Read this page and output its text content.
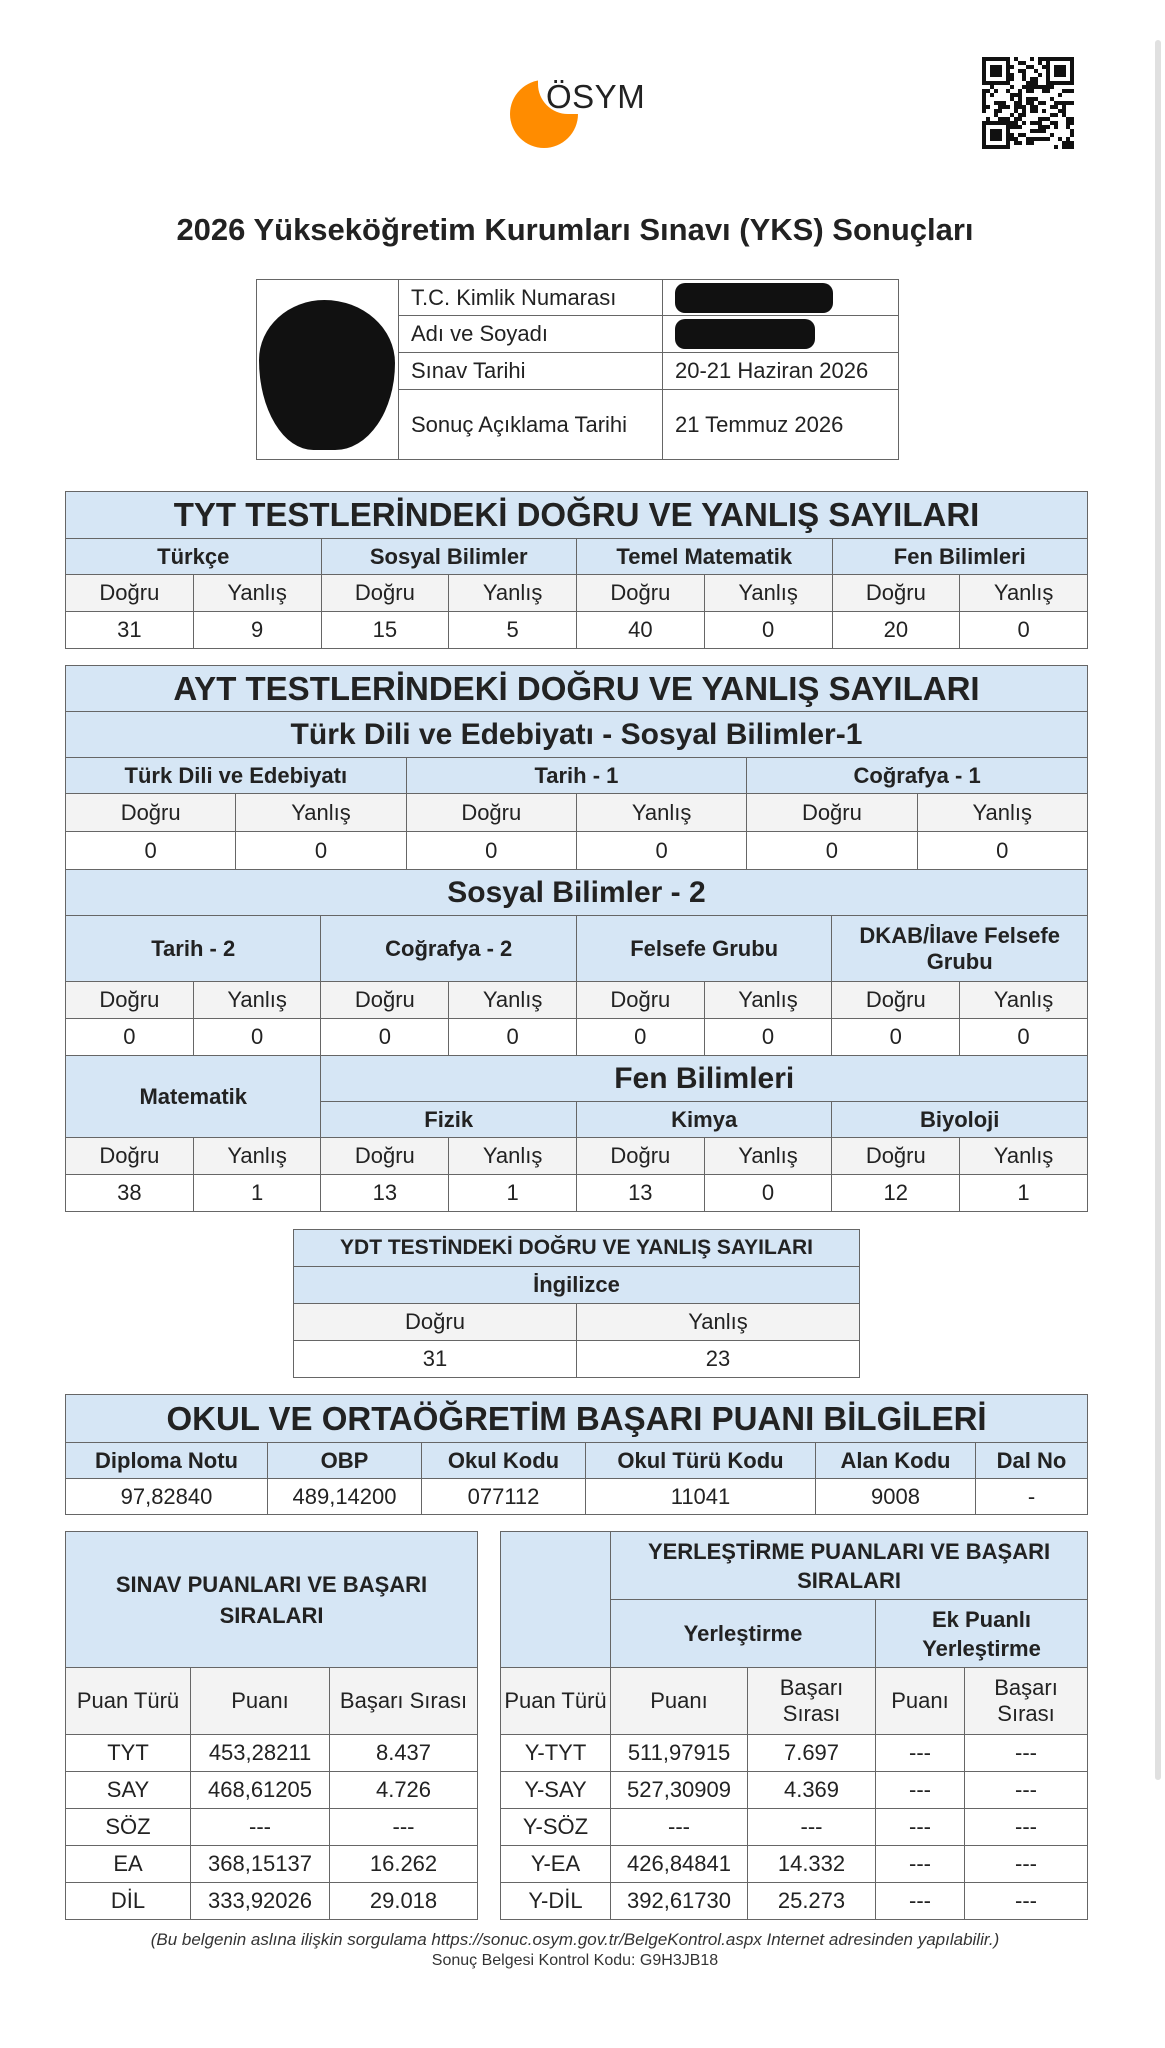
ÖSYM
2026 Yükseköğretim Kurumları Sınavı (YKS) Sonuçları
	T.C. Kimlik Numarası	
	Adı ve Soyadı	
	Sınav Tarihi	20-21 Haziran 2026
	Sonuç Açıklama Tarihi	21 Temmuz 2026
TYT TESTLERİNDEKİ DOĞRU VE YANLIŞ SAYILARI							
Türkçe		Sosyal Bilimler		Temel Matematik		Fen Bilimleri	
Doğru	Yanlış	Doğru	Yanlış	Doğru	Yanlış	Doğru	Yanlış
31	9	15	5	40	0	20	0
AYT TESTLERİNDEKİ DOĞRU VE YANLIŞ SAYILARI											
Türk Dili ve Edebiyatı - Sosyal Bilimler-1											
Türk Dili ve Edebiyatı				Tarih - 1				Coğrafya - 1			
Doğru		Yanlış		Doğru		Yanlış		Doğru		Yanlış	
0		0		0		0		0		0	
Sosyal Bilimler - 2											
Tarih - 2			Coğrafya - 2			Felsefe Grubu			DKAB/İlave Felsefe Grubu		
Doğru	Yanlış		Doğru		Yanlış	Doğru	Yanlış		Doğru		Yanlış
0	0		0		0	0	0		0		0
Matematik			Fen Bilimleri								
			Fizik			Kimya			Biyoloji		
Doğru	Yanlış		Doğru		Yanlış	Doğru	Yanlış		Doğru		Yanlış
38	1		13		1	13	0		12		1
YDT TESTİNDEKİ DOĞRU VE YANLIŞ SAYILARI	
İngilizce	
Doğru	Yanlış
31	23
OKUL VE ORTAÖĞRETİM BAŞARI PUANI BİLGİLERİ					
Diploma Notu	OBP	Okul Kodu	Okul Türü Kodu	Alan Kodu	Dal No
97,82840	489,14200	077112	11041	9008	-
SINAV PUANLARI VE BAŞARI SIRALARI		
Puan Türü	Puanı	Başarı Sırası
TYT	453,28211	8.437
SAY	468,61205	4.726
SÖZ	---	---
EA	368,15137	16.262
DİL	333,92026	29.018
	YERLEŞTİRME PUANLARI VE BAŞARI SIRALARI			
	Yerleştirme		Ek Puanlı Yerleştirme	
Puan Türü	Puanı	Başarı Sırası	Puanı	Başarı Sırası
Y-TYT	511,97915	7.697	---	---
Y-SAY	527,30909	4.369	---	---
Y-SÖZ	---	---	---	---
Y-EA	426,84841	14.332	---	---
Y-DİL	392,61730	25.273	---	---
(Bu belgenin aslına ilişkin sorgulama https://sonuc.osym.gov.tr/BelgeKontrol.aspx Internet adresinden yapılabilir.)
Sonuç Belgesi Kontrol Kodu: G9H3JB18
